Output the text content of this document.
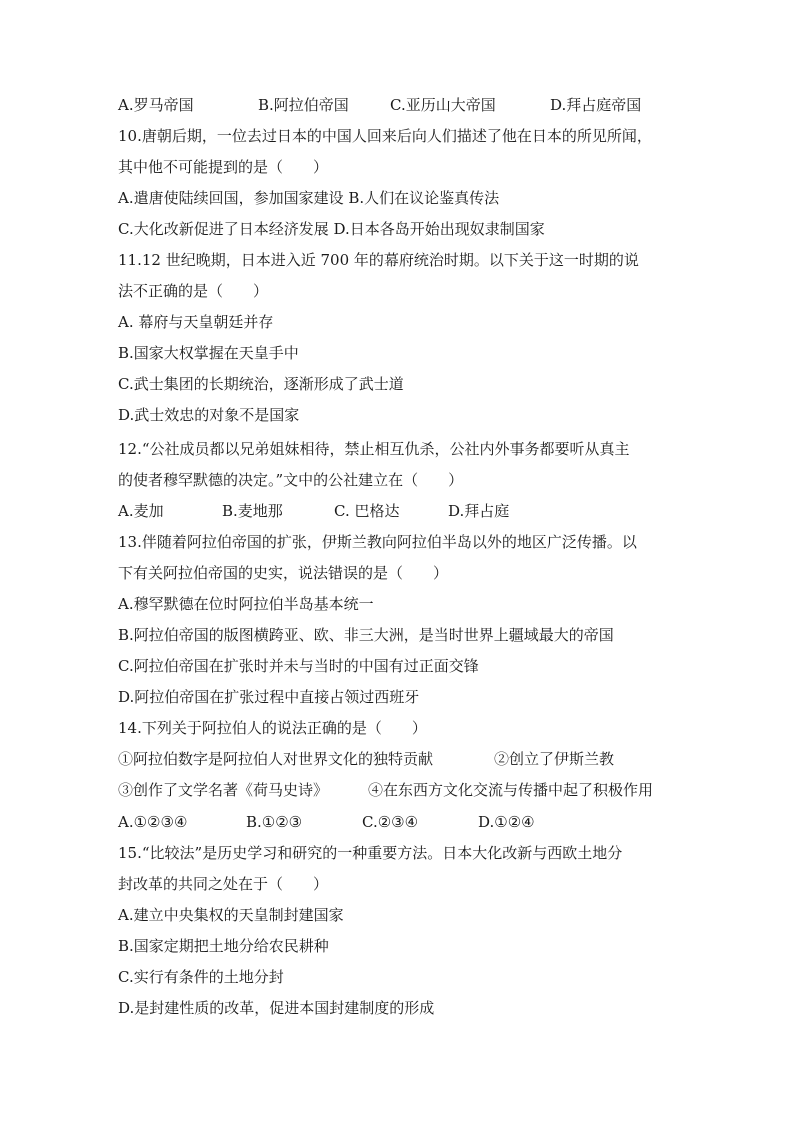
A.罗马帝国	B.阿拉伯帝国	C.亚历山大帝国	D.拜占庭帝国
10.唐朝后期，一位去过日本的中国人回来后向人们描述了他在日本的所见所闻，
其中他不可能提到的是（　　）
A.遣唐使陆续回国，参加国家建设 B.人们在议论鉴真传法
C.大化改新促进了日本经济发展 D.日本各岛开始出现奴隶制国家
11.12 世纪晚期，日本进入近 700 年的幕府统治时期。以下关于这一时期的说
法不正确的是（　　）
A. 幕府与天皇朝廷并存
B.国家大权掌握在天皇手中
C.武士集团的长期统治，逐渐形成了武士道
D.武士效忠的对象不是国家
12.“公社成员都以兄弟姐妹相待，禁止相互仇杀，公社内外事务都要听从真主
的使者穆罕默德的决定。”文中的公社建立在（　　）
A.麦加	B.麦地那	C. 巴格达	D.拜占庭
13.伴随着阿拉伯帝国的扩张，伊斯兰教向阿拉伯半岛以外的地区广泛传播。以
下有关阿拉伯帝国的史实，说法错误的是（　　）
A.穆罕默德在位时阿拉伯半岛基本统一
B.阿拉伯帝国的版图横跨亚、欧、非三大洲，是当时世界上疆域最大的帝国
C.阿拉伯帝国在扩张时并未与当时的中国有过正面交锋
D.阿拉伯帝国在扩张过程中直接占领过西班牙
14.下列关于阿拉伯人的说法正确的是（　　）
①阿拉伯数字是阿拉伯人对世界文化的独特贡献	②创立了伊斯兰教
③创作了文学名著《荷马史诗》	④在东西方文化交流与传播中起了积极作用
A.①②③④	B.①②③	C.②③④	D.①②④
15.“比较法”是历史学习和研究的一种重要方法。日本大化改新与西欧土地分
封改革的共同之处在于（　　）
A.建立中央集权的天皇制封建国家
B.国家定期把土地分给农民耕种
C.实行有条件的土地分封
D.是封建性质的改革，促进本国封建制度的形成
